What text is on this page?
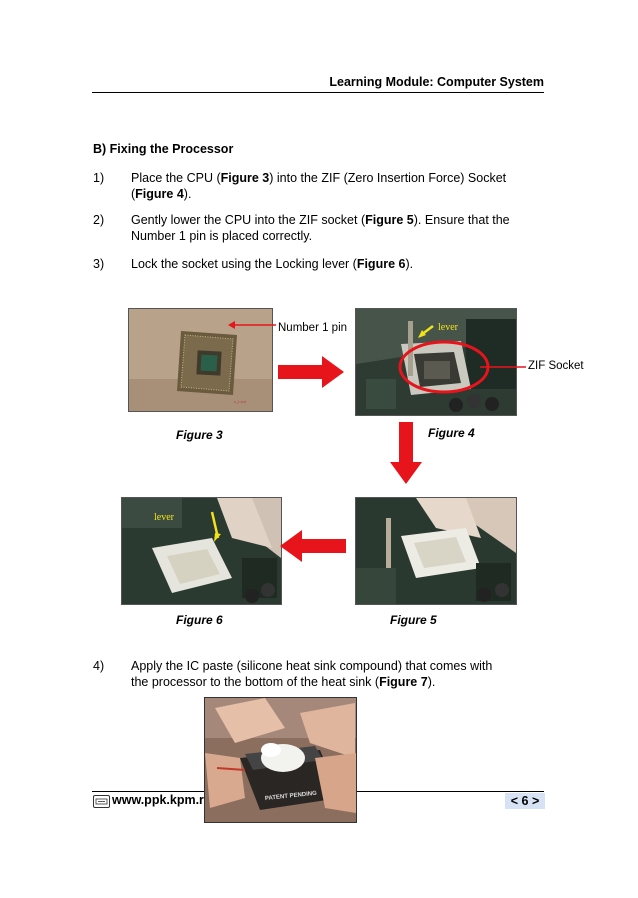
Learning Module: Computer System
B) Fixing the Processor
1) Place the CPU (Figure 3) into the ZIF (Zero Insertion Force) Socket (Figure 4).
2) Gently lower the CPU into the ZIF socket (Figure 5). Ensure that the Number 1 pin is placed correctly.
3) Lock the socket using the Locking lever (Figure 6).
x_t cnt
Number 1 pin	lever
ZIF Socket
Figure 3	Figure 4
lever
Figure 6	Figure 5
4) Apply the IC paste (silicone heat sink compound) that comes with the processor to the bottom of the heat sink (Figure 7).
www.ppk.kpm.r	< 6 >
PATENT PENDING
